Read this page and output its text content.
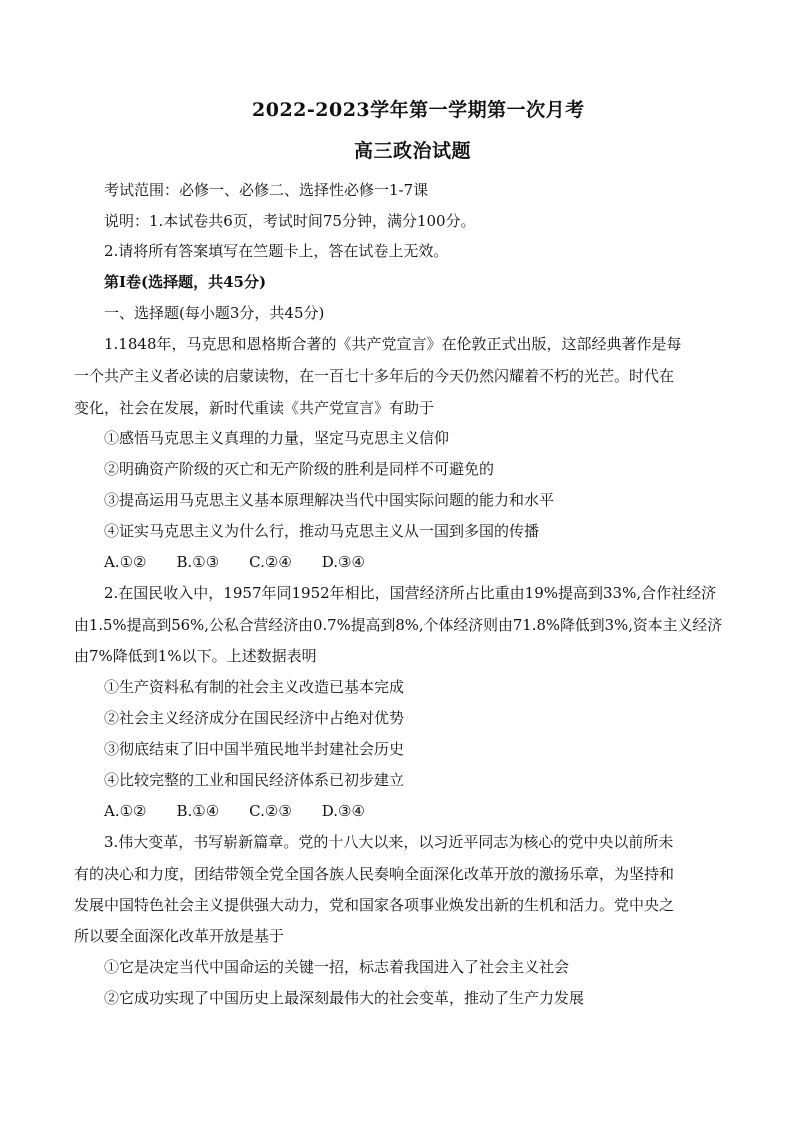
2022-2023学年第一学期第一次月考
高三政治试题
考试范围：必修一、必修二、选择性必修一1-7课
说明：1.本试卷共6页，考试时间75分钟，满分100分。
2.请将所有答案填写在竺题卡上，答在试卷上无效。
第I卷(选择题，共45分)
一、选择题(每小题3分，共45分)
1.1848年，马克思和恩格斯合著的《共产党宣言》在伦敦正式出版，这部经典著作是每
一个共产主义者必读的启蒙读物，在一百七十多年后的今天仍然闪耀着不朽的光芒。时代在
变化，社会在发展，新时代重读《共产党宣言》有助于
①感悟马克思主义真理的力量，坚定马克思主义信仰
②明确资产阶级的灭亡和无产阶级的胜利是同样不可避免的
③提高运用马克思主义基本原理解决当代中国实际问题的能力和水平
④证实马克思主义为什么行，推动马克思主义从一国到多国的传播
A.①②　　B.①③　　C.②④　　D.③④
2.在国民收入中，1957年同1952年相比，国营经济所占比重由19%提高到33%,合作社经济
由1.5%提高到56%,公私合营经济由0.7%提高到8%,个体经济则由71.8%降低到3%,资本主义经济
由7%降低到1%以下。上述数据表明
①生产资料私有制的社会主义改造已基本完成
②社会主义经济成分在国民经济中占绝对优势
③彻底结束了旧中国半殖民地半封建社会历史
④比较完整的工业和国民经济体系已初步建立
A.①②　　B.①④　　C.②③　　D.③④
3.伟大变革，书写崭新篇章。党的十八大以来，以习近平同志为核心的党中央以前所未
有的决心和力度，团结带领全党全国各族人民奏响全面深化改革开放的激扬乐章，为坚持和
发展中国特色社会主义提供强大动力，党和国家各项事业焕发出新的生机和活力。党中央之
所以要全面深化改革开放是基于
①它是决定当代中国命运的关键一招，标志着我国进入了社会主义社会
②它成功实现了中国历史上最深刻最伟大的社会变革，推动了生产力发展
